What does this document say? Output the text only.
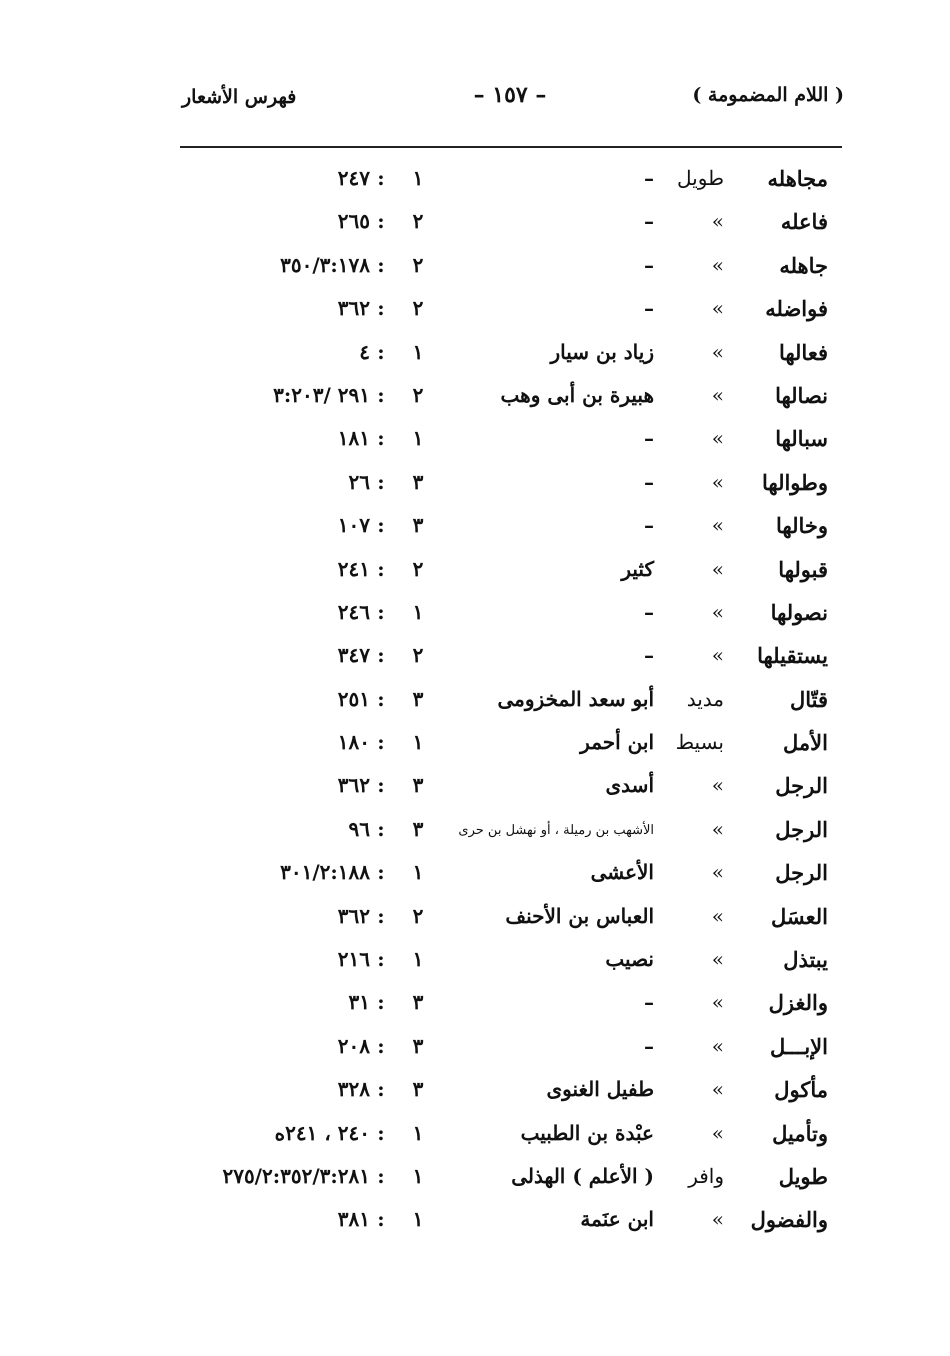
( اللام المضمومة )
– ١٥٧ –
فهرس الأشعار
مجاهله
طويل
–
١
:
٢٤٧
فاعله
»
–
٢
:
٢٦٥
جاهله
»
–
٢
:
٣٥٠/٣:١٧٨
فواضله
»
–
٢
:
٣٦٢
فعالها
»
زياد بن سيار
١
:
٤
نصالها
»
هبيرة بن أبى وهب
٢
:
٢٩١ /٣:٢٠٣
سبالها
»
–
١
:
١٨١
وطوالها
»
–
٣
:
٢٦
وخالها
»
–
٣
:
١٠٧
قبولها
»
كثير
٢
:
٢٤١
نصولها
»
–
١
:
٢٤٦
يستقيلها
»
–
٢
:
٣٤٧
قتّال
مديد
أبو سعد المخزومى
٣
:
٢٥١
الأمل
بسيط
ابن أحمر
١
:
١٨٠
الرجل
»
أسدى
٣
:
٣٦٢
الرجل
»
الأشهب بن رميلة ، أو نهشل بن حرى
٣
:
٩٦
الرجل
»
الأعشى
١
:
٣٠١/٢:١٨٨
العسَل
»
العباس بن الأحنف
٢
:
٣٦٢
يبتذل
»
نصيب
١
:
٢١٦
والغزل
»
–
٣
:
٣١
الإبـــل
»
–
٣
:
٢٠٨
مأكول
»
طفيل الغنوى
٣
:
٣٢٨
وتأميل
»
عبْدة بن الطبيب
١
:
٢٤٠ ، ٢٤١ه
طويل
وافر
( الأعلم ) الهذلى
١
:
٢٧٥/٢:٣٥٢/٣:٢٨١
والفضول
»
ابن عنَمة
١
:
٣٨١
